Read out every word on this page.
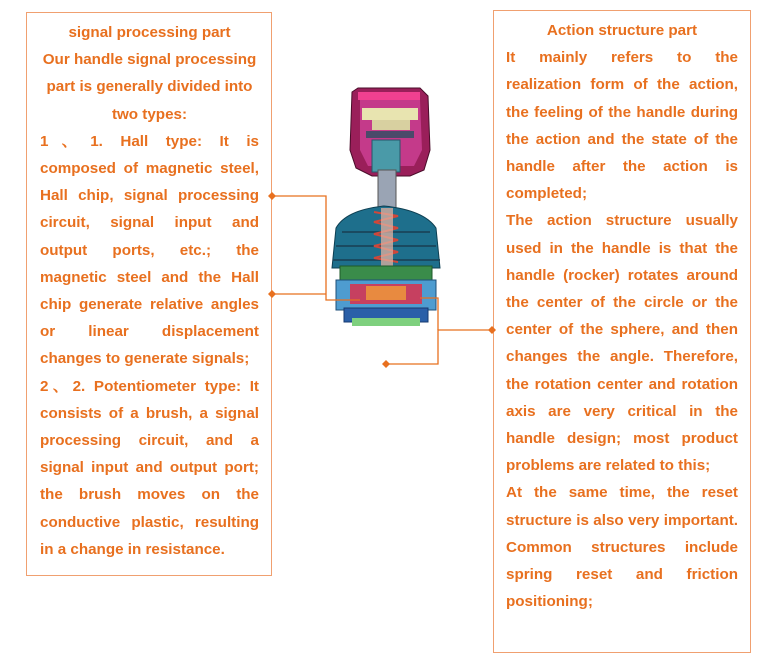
signal processing part
Our handle signal processing part is generally divided into two types:
1、1. Hall type: It is composed of magnetic steel, Hall chip, signal processing circuit, signal input and output ports, etc.; the magnetic steel and the Hall chip generate relative angles or linear displacement changes to generate signals;
2、2. Potentiometer type: It consists of a brush, a signal processing circuit, and a signal input and output port; the brush moves on the conductive plastic, resulting in a change in resistance.
Action structure part
It mainly refers to the realization form of the action, the feeling of the handle during the action and the state of the handle after the action is completed;
The action structure usually used in the handle is that the handle (rocker) rotates around the center of the circle or the center of the sphere, and then changes the angle. Therefore, the rotation center and rotation axis are very critical in the handle design; most product problems are related to this;
At the same time, the reset structure is also very important. Common structures include spring reset and friction positioning;
